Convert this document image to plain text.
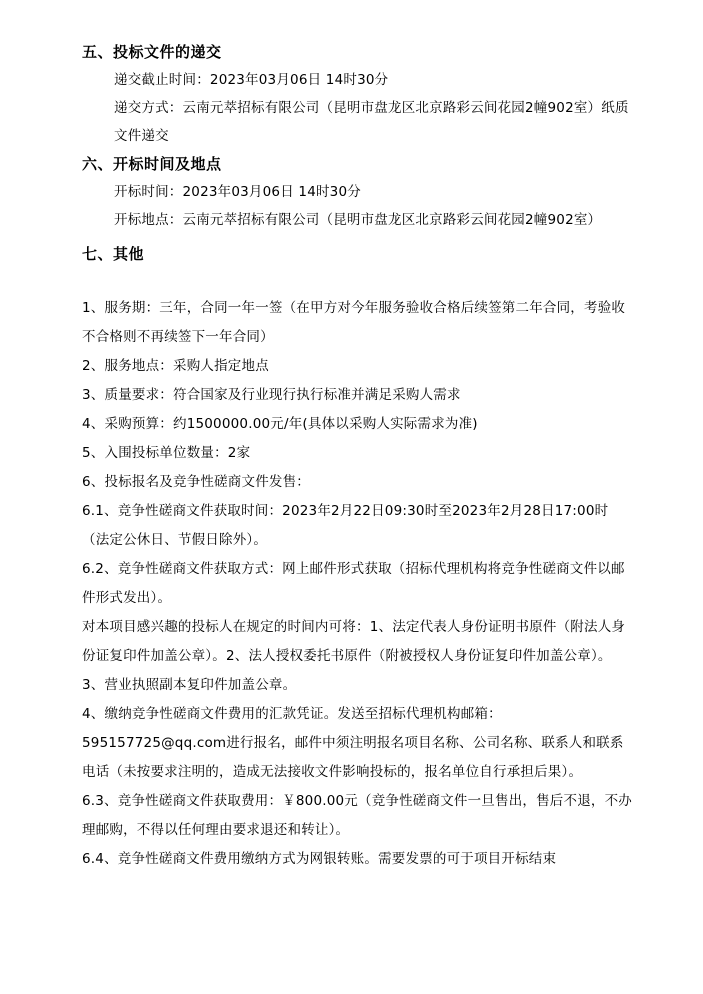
五、投标文件的递交
递交截止时间：2023年03月06日 14时30分
递交方式：云南元萃招标有限公司（昆明市盘龙区北京路彩云间花园2幢902室）纸质文件递交
六、开标时间及地点
开标时间：2023年03月06日 14时30分
开标地点：云南元萃招标有限公司（昆明市盘龙区北京路彩云间花园2幢902室）
七、其他
1、服务期：三年，合同一年一签（在甲方对今年服务验收合格后续签第二年合同，考验收不合格则不再续签下一年合同）
2、服务地点：采购人指定地点
3、质量要求：符合国家及行业现行执行标准并满足采购人需求
4、采购预算：约1500000.00元/年(具体以采购人实际需求为准)
5、入围投标单位数量：2家
6、投标报名及竞争性磋商文件发售：
6.1、竞争性磋商文件获取时间：2023年2月22日09:30时至2023年2月28日17:00时（法定公休日、节假日除外）。
6.2、竞争性磋商文件获取方式：网上邮件形式获取（招标代理机构将竞争性磋商文件以邮件形式发出）。
对本项目感兴趣的投标人在规定的时间内可将：1、法定代表人身份证明书原件（附法人身份证复印件加盖公章）。2、法人授权委托书原件（附被授权人身份证复印件加盖公章）。3、营业执照副本复印件加盖公章。
4、缴纳竞争性磋商文件费用的汇款凭证。发送至招标代理机构邮箱：595157725@qq.com进行报名，邮件中须注明报名项目名称、公司名称、联系人和联系电话（未按要求注明的，造成无法接收文件影响投标的，报名单位自行承担后果）。
6.3、竞争性磋商文件获取费用：￥800.00元（竞争性磋商文件一旦售出，售后不退，不办理邮购，不得以任何理由要求退还和转让）。
6.4、竞争性磋商文件费用缴纳方式为网银转账。需要发票的可于项目开标结束
